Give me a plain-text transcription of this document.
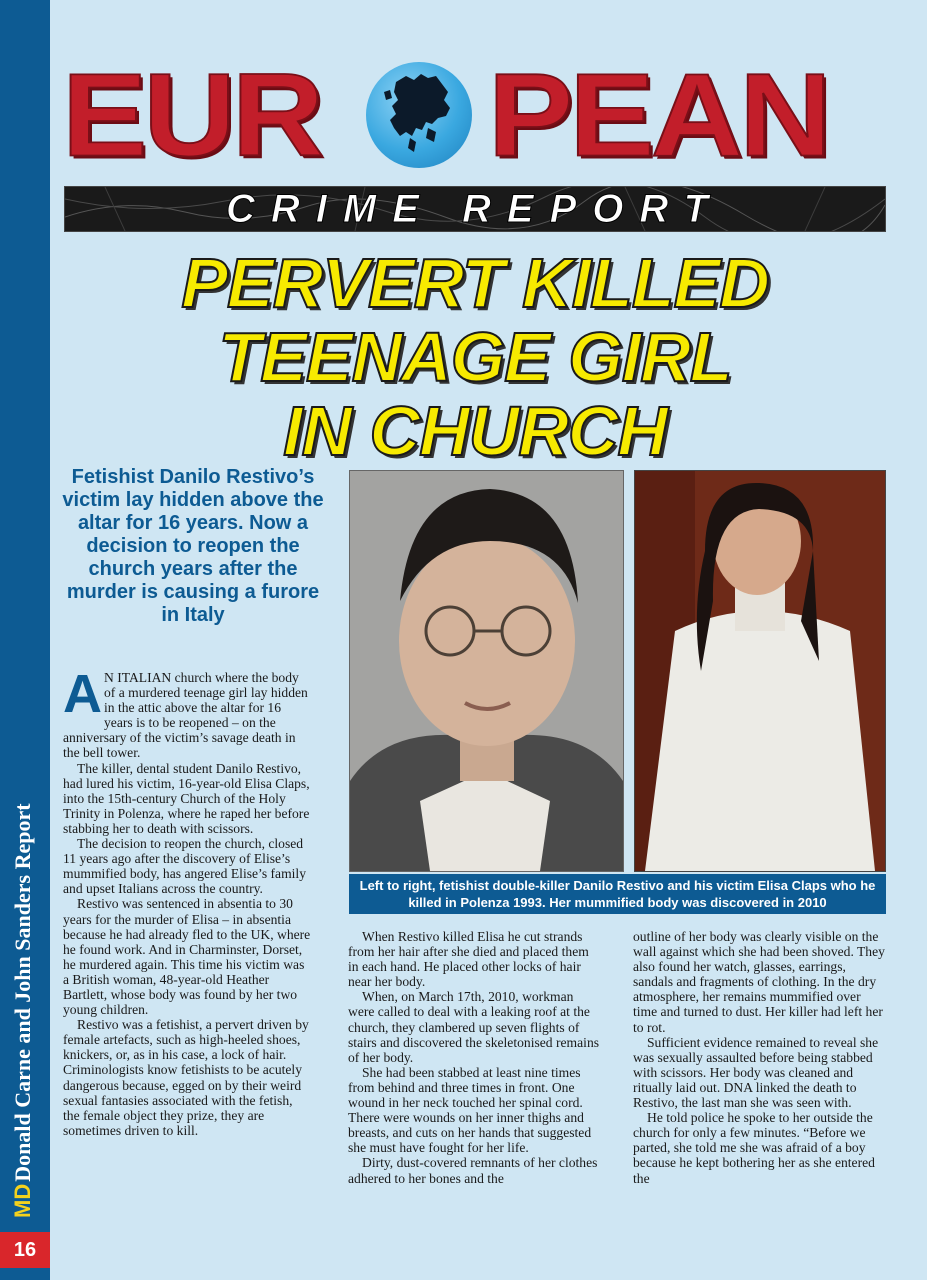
MDDonald Carne and John Sanders Report
16
EUR PEAN
CRIME REPORT
PERVERT KILLED
TEENAGE GIRL
IN CHURCH
Fetishist Danilo Restivo’s victim lay hidden above the altar for 16 years. Now a decision to reopen the church years after the murder is causing a furore in Italy
Left to right, fetishist double-killer Danilo Restivo and his victim Elisa Claps who he killed in Polenza 1993. Her mummified body was discovered in 2010
A N ITALIAN church where the body of a murdered teenage girl lay hidden in the attic above the altar for 16 years is to be reopened – on the anniversary of the victim’s savage death in the bell tower.

The killer, dental student Danilo Restivo, had lured his victim, 16-year-old Elisa Claps, into the 15th-century Church of the Holy Trinity in Polenza, where he raped her before stabbing her to death with scissors.

The decision to reopen the church, closed 11 years ago after the discovery of Elise’s mummified body, has angered Elise’s family and upset Italians across the country.

Restivo was sentenced in absentia to 30 years for the murder of Elisa – in absentia because he had already fled to the UK, where he found work. And in Charminster, Dorset, he murdered again. This time his victim was a British woman, 48-year-old Heather Bartlett, whose body was found by her two young children.

Restivo was a fetishist, a pervert driven by female artefacts, such as high-heeled shoes, knickers, or, as in his case, a lock of hair. Criminologists know fetishists to be acutely dangerous because, egged on by their weird sexual fantasies associated with the fetish, the female object they prize, they are sometimes driven to kill.

When Restivo killed Elisa he cut strands from her hair after she died and placed them in each hand. He placed other locks of hair near her body.

When, on March 17th, 2010, workman were called to deal with a leaking roof at the church, they clambered up seven flights of stairs and discovered the skeletonised remains of her body.

She had been stabbed at least nine times from behind and three times in front. One wound in her neck touched her spinal cord. There were wounds on her inner thighs and breasts, and cuts on her hands that suggested she must have fought for her life.

Dirty, dust-covered remnants of her clothes adhered to her bones and the

outline of her body was clearly visible on the wall against which she had been shoved. They also found her watch, glasses, earrings, sandals and fragments of clothing. In the dry atmosphere, her remains mummified over time and turned to dust. Her killer had left her to rot.

Sufficient evidence remained to reveal she was sexually assaulted before being stabbed with scissors. Her body was cleaned and ritually laid out. DNA linked the death to Restivo, the last man she was seen with.

He told police he spoke to her outside the church for only a few minutes. “Before we parted, she told me she was afraid of a boy because he kept bothering her as she entered the
